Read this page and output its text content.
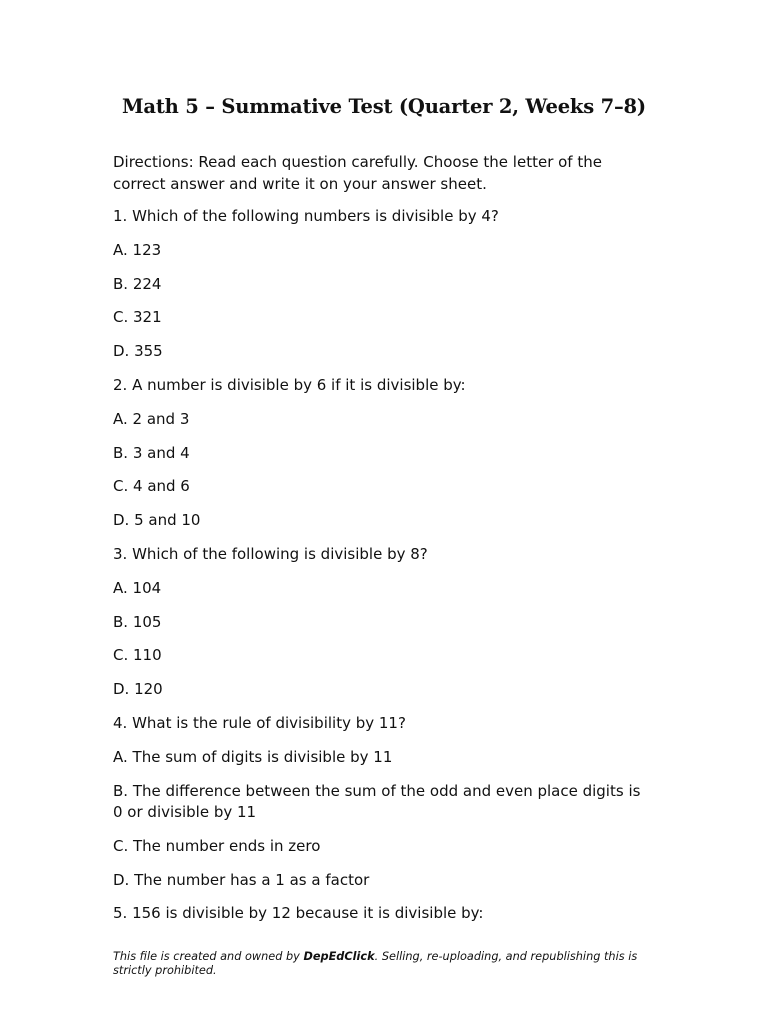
Math 5 – Summative Test (Quarter 2, Weeks 7–8)

Directions: Read each question carefully. Choose the letter of the correct answer and write it on your answer sheet.

1. Which of the following numbers is divisible by 4?

A. 123

B. 224

C. 321

D. 355

2. A number is divisible by 6 if it is divisible by:

A. 2 and 3

B. 3 and 4

C. 4 and 6

D. 5 and 10

3. Which of the following is divisible by 8?

A. 104

B. 105

C. 110

D. 120

4. What is the rule of divisibility by 11?

A. The sum of digits is divisible by 11

B. The difference between the sum of the odd and even place digits is 0 or divisible by 11

C. The number ends in zero

D. The number has a 1 as a factor

5. 156 is divisible by 12 because it is divisible by:

This file is created and owned by DepEdClick. Selling, re-uploading, and republishing this is strictly prohibited.
